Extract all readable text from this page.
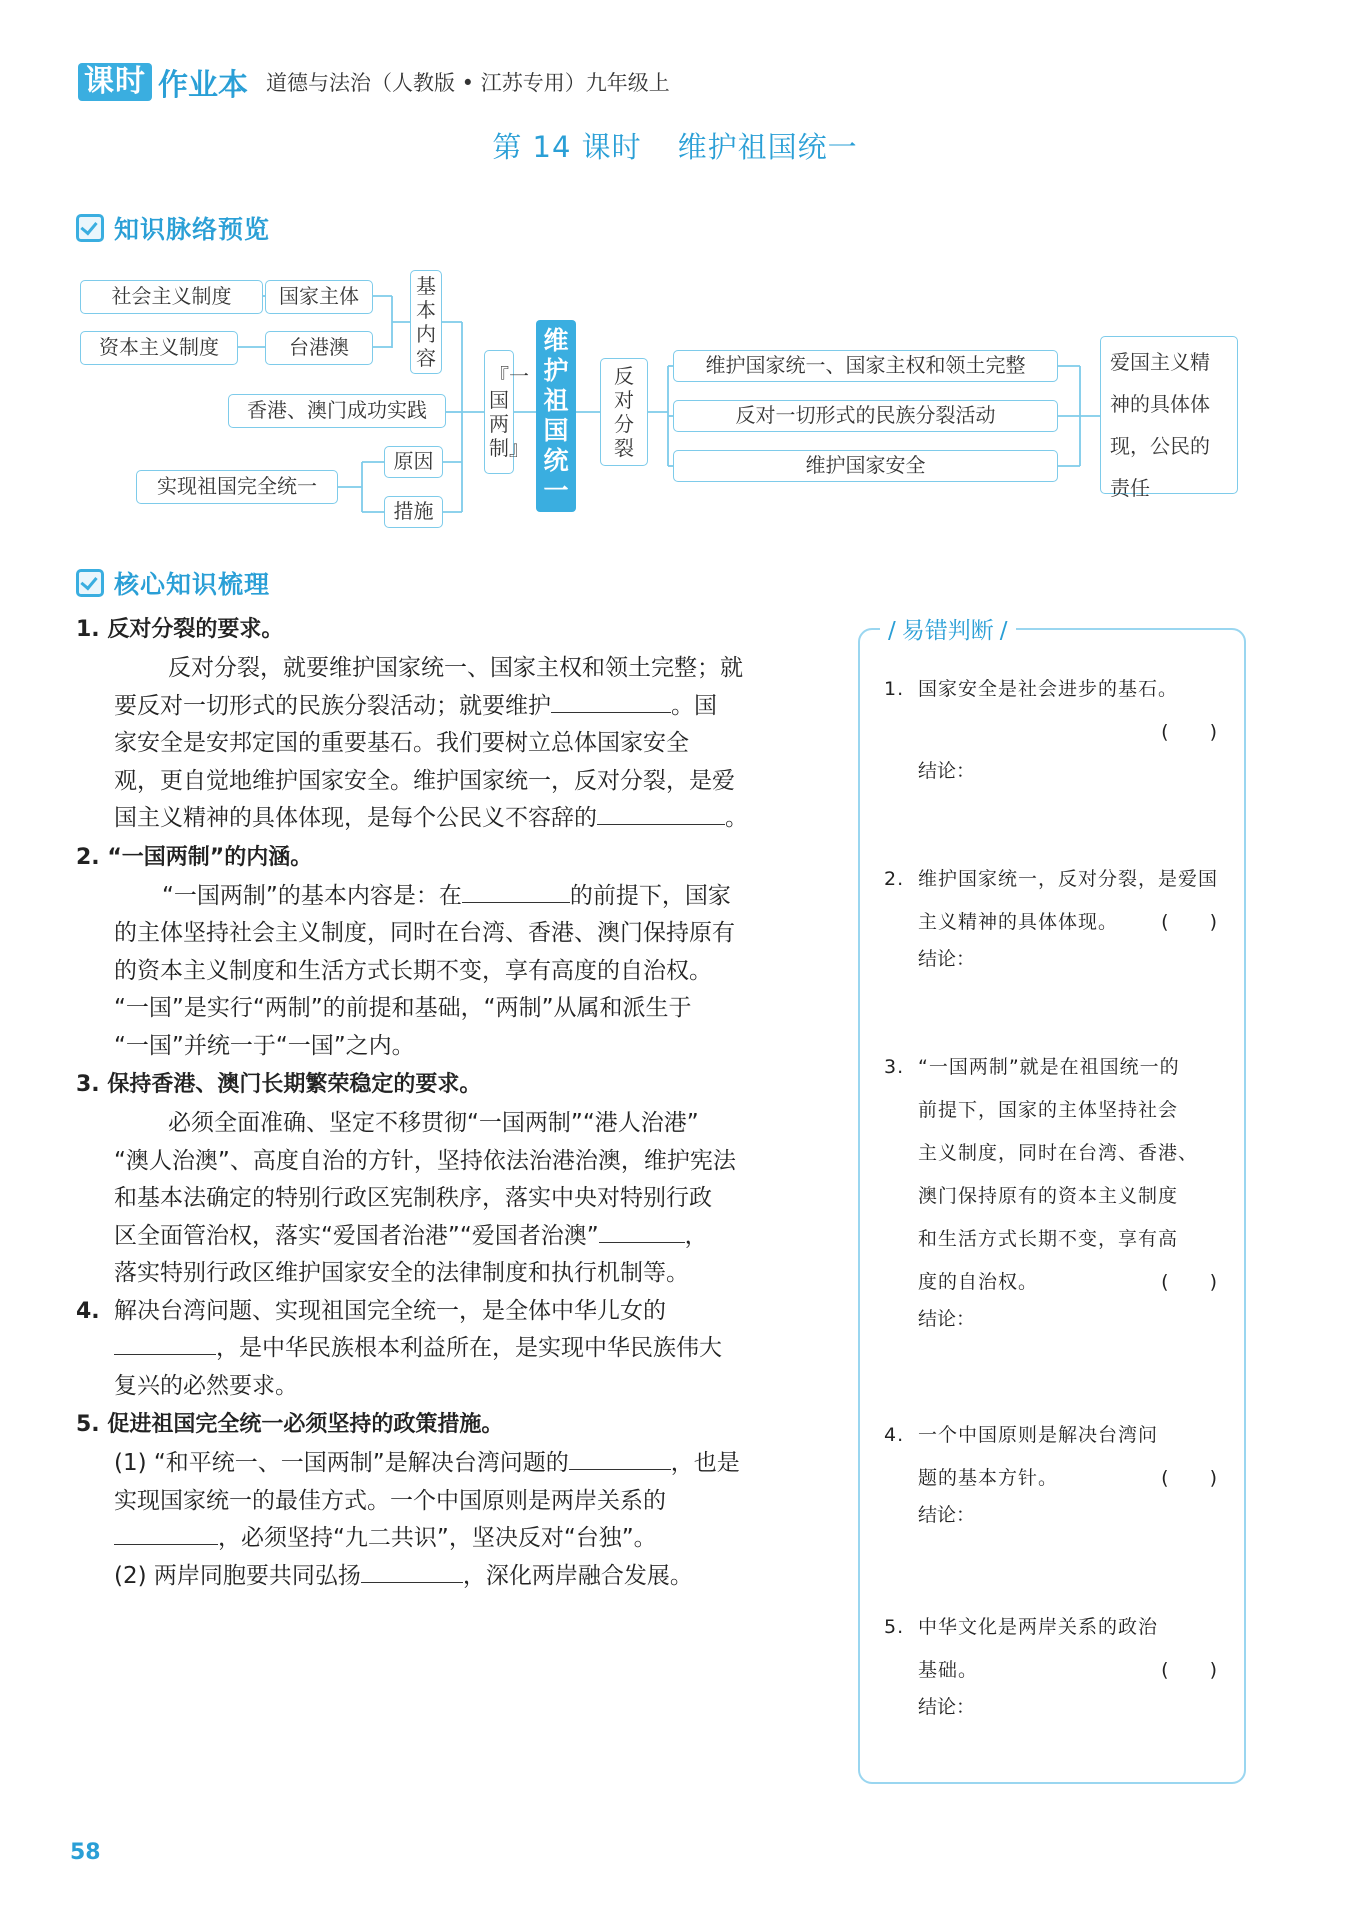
课时 作业本 道德与法治（人教版 • 江苏专用）九年级上
第 14 课时 维护祖国统一
知识脉络预览
社会主义制度	国家主体
资本主义制度	台港澳
基本内容
香港、澳门成功实践
实现祖国完全统一
原因
措施
『一国两制』
维护祖国统一
反对分裂
维护国家统一、国家主权和领土完整
反对一切形式的民族分裂活动
维护国家安全
爱国主义精神的具体体现，公民的责任
核心知识梳理
1. 反对分裂的要求。
反对分裂，就要维护国家统一、国家主权和领土完整；就
要反对一切形式的民族分裂活动；就要维护	。国
家安全是安邦定国的重要基石。我们要树立总体国家安全
观，更自觉地维护国家安全。维护国家统一，反对分裂，是爱
国主义精神的具体体现，是每个公民义不容辞的	。
2. “一国两制”的内涵。
“一国两制”的基本内容是：在	的前提下，国家
的主体坚持社会主义制度，同时在台湾、香港、澳门保持原有
的资本主义制度和生活方式长期不变，享有高度的自治权。
“一国”是实行“两制”的前提和基础，“两制”从属和派生于
“一国”并统一于“一国”之内。
3. 保持香港、澳门长期繁荣稳定的要求。
必须全面准确、坚定不移贯彻“一国两制”“港人治港”
“澳人治澳”、高度自治的方针，坚持依法治港治澳，维护宪法
和基本法确定的特别行政区宪制秩序，落实中央对特别行政
区全面管治权，落实“爱国者治港”“爱国者治澳”	，
落实特别行政区维护国家安全的法律制度和执行机制等。
4. 解决台湾问题、实现祖国完全统一，是全体中华儿女的
，是中华民族根本利益所在，是实现中华民族伟大
复兴的必然要求。
5. 促进祖国完全统一必须坚持的政策措施。
(1) “和平统一、一国两制”是解决台湾问题的	，也是
实现国家统一的最佳方式。一个中国原则是两岸关系的
，必须坚持“九二共识”，坚决反对“台独”。
(2) 两岸同胞要共同弘扬	，深化两岸融合发展。
/ 易错判断 /
1. 国家安全是社会进步的基石。
(　　)
结论：
2. 维护国家统一，反对分裂，是爱国
主义精神的具体体现。 (　　)
结论：
3. “一国两制”就是在祖国统一的
前提下，国家的主体坚持社会
主义制度，同时在台湾、香港、
澳门保持原有的资本主义制度
和生活方式长期不变，享有高
度的自治权。	(　　)
结论：
4. 一个中国原则是解决台湾问
题的基本方针。	(　　)
结论：
5. 中华文化是两岸关系的政治
基础。	(　　)
结论：
58
